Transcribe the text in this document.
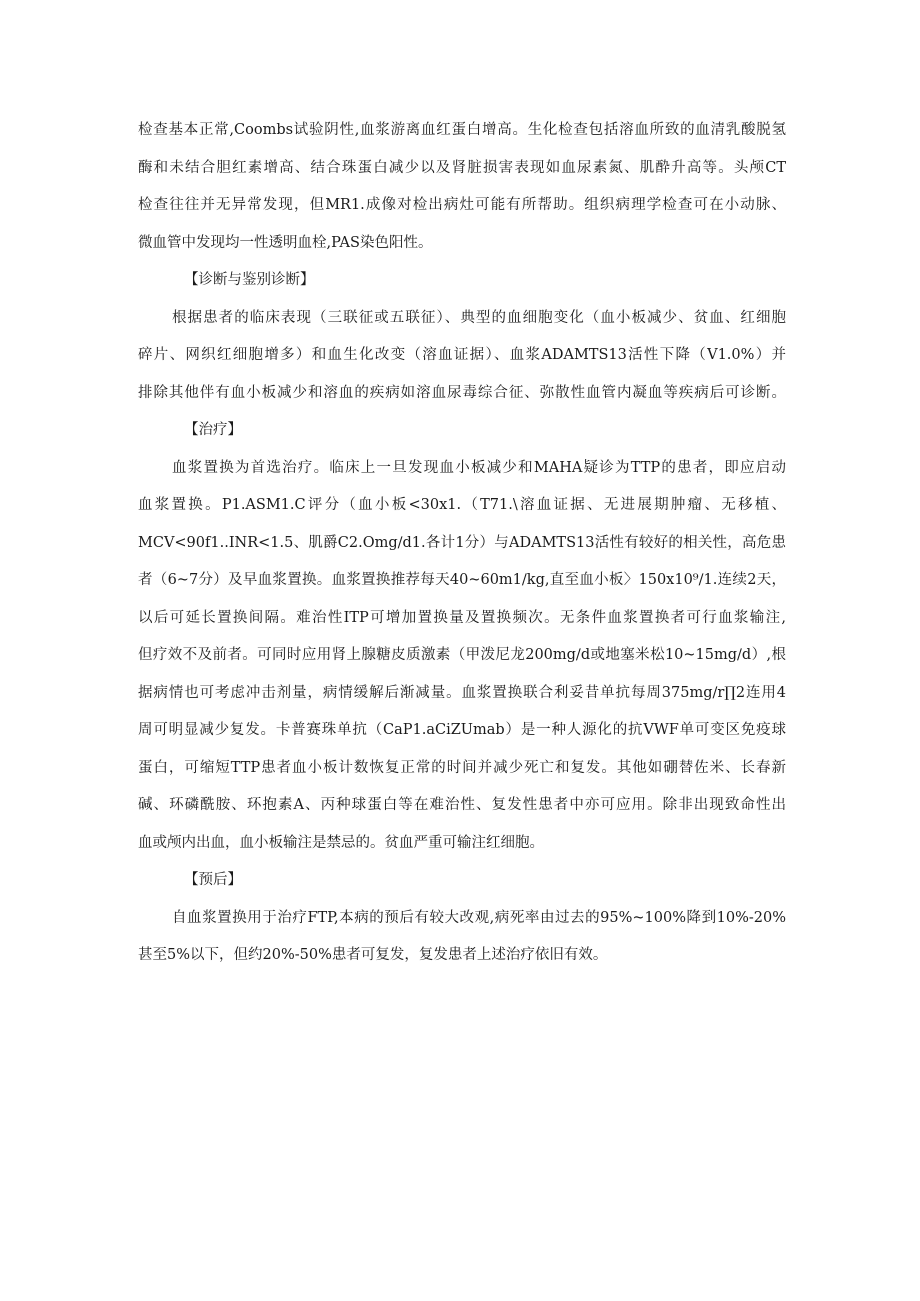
检查基本正常,Coombs试验阴性,血浆游离血红蛋白增高。生化检查包括溶血所致的血清乳酸脱氢
酶和未结合胆红素增高、结合珠蛋白减少以及肾脏损害表现如血尿素氮、肌酔升高等。头颅CT
检查往往并无异常发现，但MR1.成像对检出病灶可能有所帮助。组织病理学检查可在小动脉、
微血管中发现均一性透明血栓,PAS染色阳性。
【诊断与鉴别诊断】
根据患者的临床表现（三联征或五联征）、典型的血细胞变化（血小板减少、贫血、红细胞
碎片、网织红细胞增多）和血生化改变（溶血证据）、血浆ADAMTS13活性下降（V1.0%）并
排除其他伴有血小板减少和溶血的疾病如溶血尿毒综合征、弥散性血管内凝血等疾病后可诊断。
【治疗】
血浆置换为首选治疗。临床上一旦发现血小板减少和MAHA疑诊为TTP的患者，即应启动
血浆置换。P1.ASM1.C评分（血小板<30x1.（T71.\溶血证据、无进展期肿瘤、无移植、
MCV<90f1..INR<1.5、肌爵C2.Omg∕d1.各计1分）与ADAMTS13活性有较好的相关性，高危患
者（6~7分）及早血浆置换。血浆置换推荐每天40~60m1∕kg,直至血小板〉150x10⁹∕1.连续2天，
以后可延长置换间隔。难治性ITP可增加置换量及置换频次。无条件血浆置换者可行血浆输注,
但疗效不及前者。可同时应用肾上腺糖皮质激素（甲泼尼龙200mg∕d或地塞米松10~15mg∕d）,根
据病情也可考虑冲击剂量，病情缓解后渐减量。血浆置换联合利妥昔单抗每周375mg∕r∏2连用4
周可明显减少复发。卡普赛珠单抗（CaP1.aCiZUmab）是一种人源化的抗VWF单可变区免疫球
蛋白，可缩短TTP患者血小板计数恢复正常的时间并减少死亡和复发。其他如硼替佐米、长春新
碱、环磷酰胺、环抱素A、丙种球蛋白等在难治性、复发性患者中亦可应用。除非出现致命性出
血或颅内出血，血小板输注是禁忌的。贫血严重可输注红细胞。
【预后】
自血浆置换用于治疗FTP,本病的预后有较大改观,病死率由过去的95%~100%降到10%-20%
甚至5%以下，但约20%-50%患者可复发，复发患者上述治疗依旧有效。
